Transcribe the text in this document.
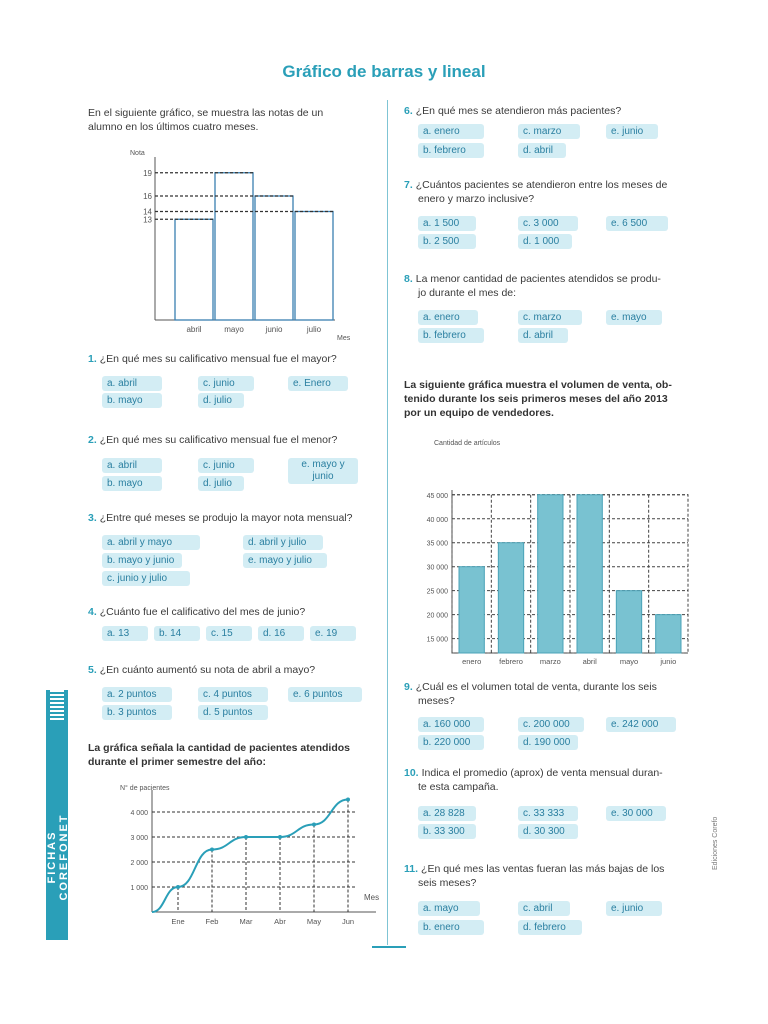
Gráfico de barras y lineal
FICHAS COREFONET	Ediciones Corefo
En el siguiente gráfico, se muestra las notas de un
alumno en los últimos cuatro meses.
La gráfica señala la cantidad de pacientes atendidos
durante el primer semestre del año:
La siguiente gráfica muestra el volumen de venta, ob-
tenido durante los seis primeros meses del año 2013
por un equipo de vendedores.
1. ¿En qué mes su calificativo mensual fue el mayor?
a. abril	c. junio	e. Enero
b. mayo	d. julio
2. ¿En qué mes su calificativo mensual fue el menor?
a. abril	c. junio	e. mayo y junio
b. mayo	d. julio
3. ¿Entre qué meses se produjo la mayor nota mensual?
a. abril y mayo	d. abril y julio
b. mayo y junio	e. mayo y julio
c. junio y julio
4. ¿Cuánto fue el calificativo del mes de junio?
a. 13	b. 14	c. 15	d. 16	e. 19
5. ¿En cuánto aumentó su nota de abril a mayo?
a. 2 puntos	c. 4 puntos	e. 6 puntos
b. 3 puntos	d. 5 puntos
6. ¿En qué mes se atendieron más pacientes?
a. enero	c. marzo	e. junio
b. febrero	d. abril
7. ¿Cuántos pacientes se atendieron entre los meses de
enero y marzo inclusive?
a. 1 500	c. 3 000	e. 6 500
b. 2 500	d. 1 000
8. La menor cantidad de pacientes atendidos se produ-
jo durante el mes de:
a. enero	c. marzo	e. mayo
b. febrero	d. abril
9. ¿Cuál es el volumen total de venta, durante los seis
meses?
a. 160 000	c. 200 000	e. 242 000
b. 220 000	d. 190 000
10. Indica el promedio (aprox) de venta mensual duran-
te esta campaña.
a. 28 828	c. 33 333	e. 30 000
b. 33 300	d. 30 300
11. ¿En qué mes las ventas fueran las más bajas de los
seis meses?
a. mayo	c. abril	e. junio
b. enero	d. febrero
Nota
Mes
abril	mayo	junio	julio
13
14
16
19
N° de pacientes
Mes
1 000
2 000
3 000
4 000
Ene	Feb	Mar	Abr	May	Jun
Cantidad de artículos
15 000
20 000
25 000
30 000
35 000
40 000
45 000
enero febrero marzo	abril	mayo	junio
